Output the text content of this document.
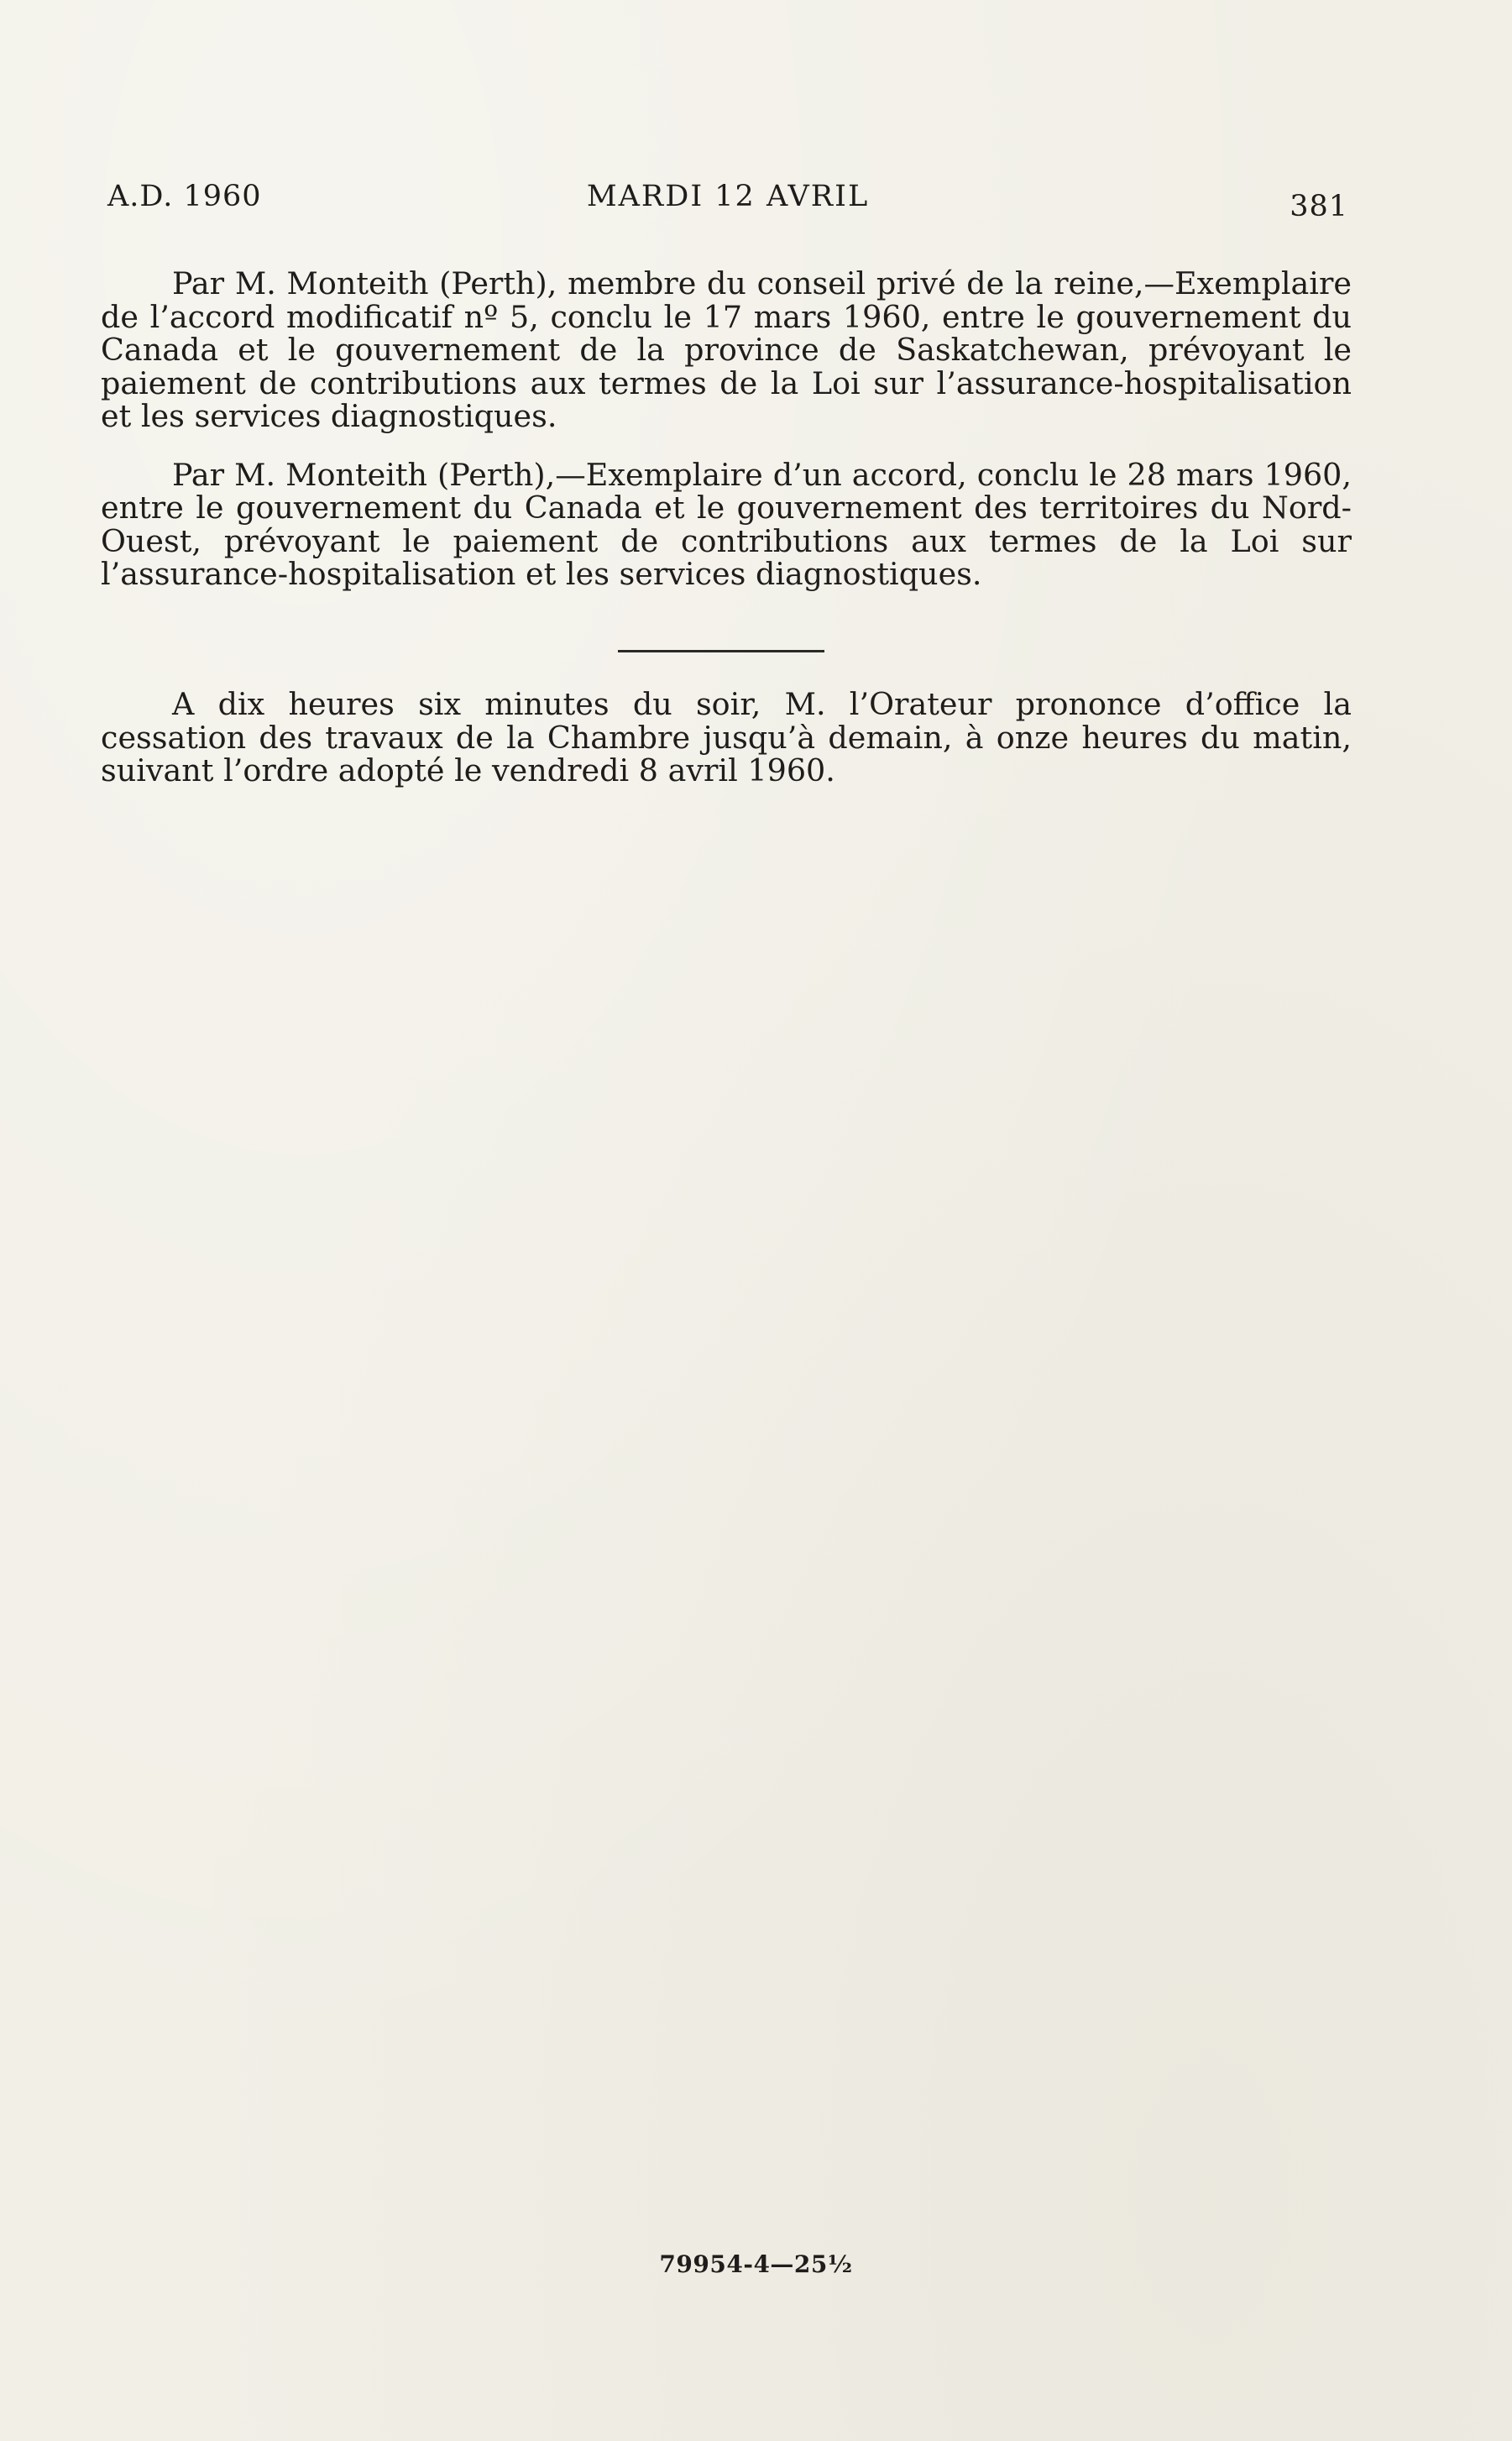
A.D. 1960	MARDI 12 AVRIL	381

Par M. Monteith (Perth), membre du conseil privé de la reine,—Exemplaire de l’accord modificatif nº 5, conclu le 17 mars 1960, entre le gouvernement du Canada et le gouvernement de la province de Saskatchewan, prévoyant le paiement de contributions aux termes de la Loi sur l’assurance-hospitalisation et les services diagnostiques.

Par M. Monteith (Perth),—Exemplaire d’un accord, conclu le 28 mars 1960, entre le gouvernement du Canada et le gouvernement des territoires du Nord-Ouest, prévoyant le paiement de contributions aux termes de la Loi sur l’assurance-hospitalisation et les services diagnostiques.

A dix heures six minutes du soir, M. l’Orateur prononce d’office la cessation des travaux de la Chambre jusqu’à demain, à onze heures du matin, suivant l’ordre adopté le vendredi 8 avril 1960.

79954-4—25½
